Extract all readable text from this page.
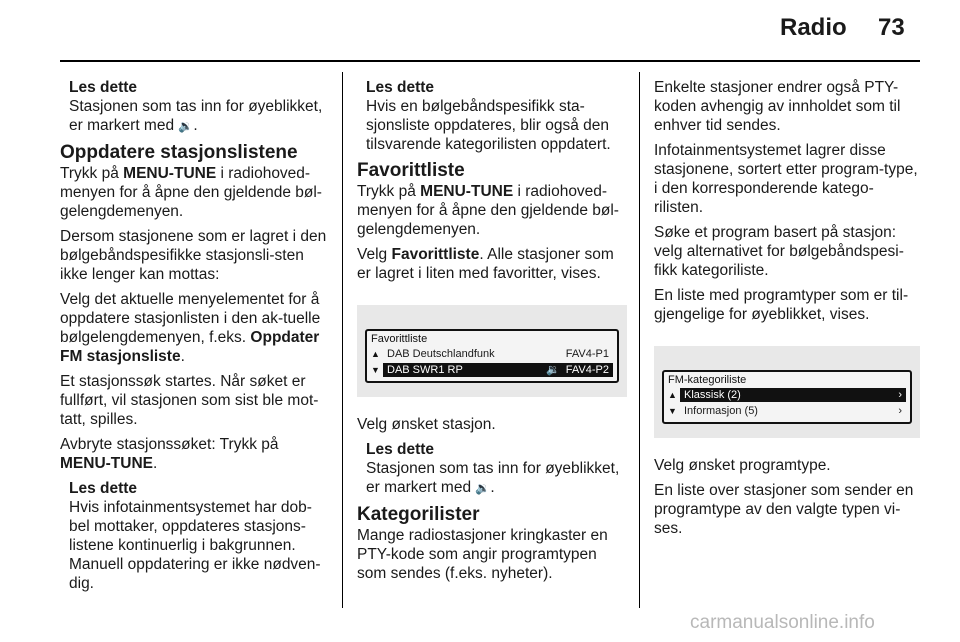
Radio 73
Les dette
Stasjonen som tas inn for øyeblikket, er markert med 🔉.
Oppdatere stasjonslistene

Trykk på MENU-TUNE i radiohoved-menyen for å åpne den gjeldende bøl-gelengdemenyen.

Dersom stasjonene som er lagret i den bølgebåndspesifikke stasjonsli-sten ikke lenger kan mottas:

Velg det aktuelle menyelementet for å oppdatere stasjonlisten i den ak-tuelle bølgelengdemenyen, f.eks. Oppdater FM stasjonsliste.

Et stasjonssøk startes. Når søket er fullført, vil stasjonen som sist ble mot-tatt, spilles.

Avbryte stasjonssøket: Trykk på MENU-TUNE.

Les dette
Hvis infotainmentsystemet har dob-bel mottaker, oppdateres stasjons-listene kontinuerlig i bakgrunnen. Manuell oppdatering er ikke nødven-dig.
Les dette
Hvis en bølgebåndspesifikk sta-sjonsliste oppdateres, blir også den tilsvarende kategorilisten oppdatert.
Favorittliste

Trykk på MENU-TUNE i radiohoved-menyen for å åpne den gjeldende bøl-gelengdemenyen.

Velg Favorittliste. Alle stasjoner som er lagret i liten med favoritter, vises.

Favorittliste
▲ DAB Deutschlandfunk	FAV4-P1
▼ DAB SWR1 RP	🔉 FAV4-P2

Velg ønsket stasjon.

Les dette
Stasjonen som tas inn for øyeblikket, er markert med 🔉.
Kategorilister

Mange radiostasjoner kringkaster en PTY-kode som angir programtypen som sendes (f.eks. nyheter).

Enkelte stasjoner endrer også PTY-koden avhengig av innholdet som til enhver tid sendes.

Infotainmentsystemet lagrer disse stasjonene, sortert etter program-type, i den korresponderende katego-rilisten.

Søke et program basert på stasjon: velg alternativet for bølgebåndspesi-fikk kategoriliste.

En liste med programtyper som er til-gjengelige for øyeblikket, vises.

FM-kategoriliste
▲ Klassisk (2)	›
▼ Informasjon (5)	›

Velg ønsket programtype.

En liste over stasjoner som sender en programtype av den valgte typen vi-ses.

carmanualsonline.info
